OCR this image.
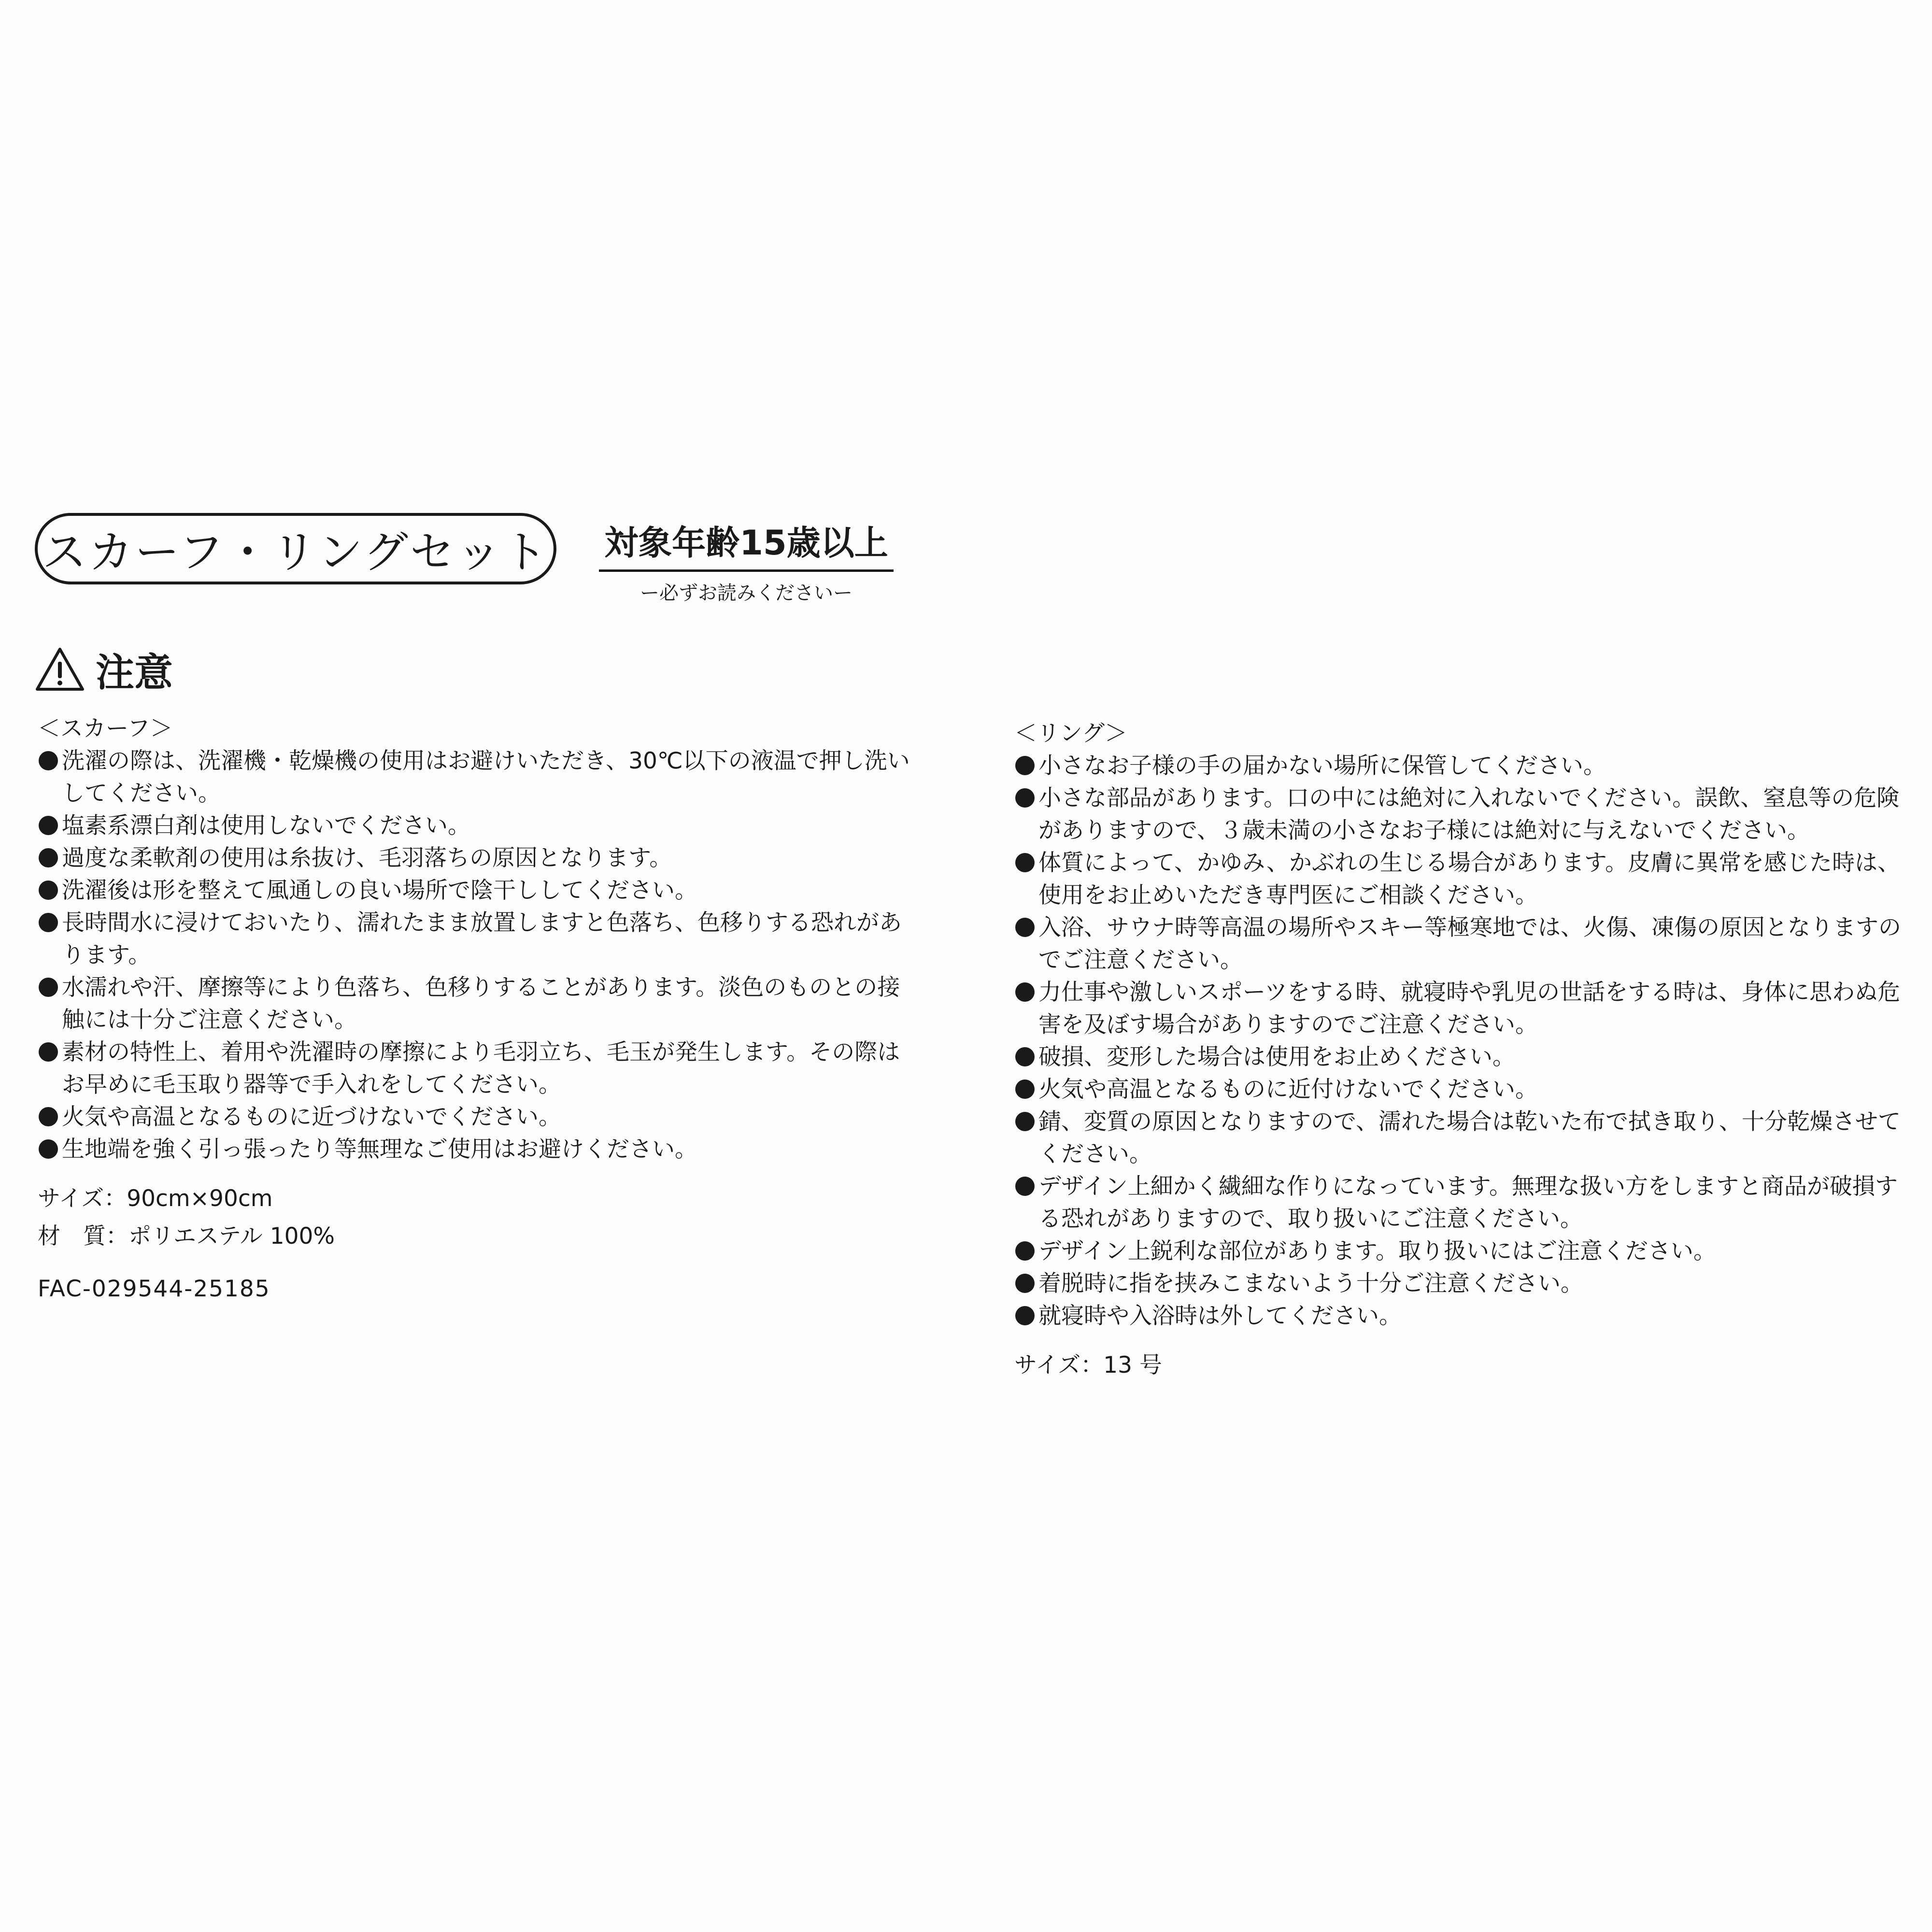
スカーフ・リングセット 対象年齢15歳以上
ー必ずお読みくださいー
注意
＜スカーフ＞
洗濯の際は、洗濯機・乾燥機の使用はお避けいただき、30℃以下の液温で押し洗いしてください。
塩素系漂白剤は使用しないでください。
過度な柔軟剤の使用は糸抜け、毛羽落ちの原因となります。
洗濯後は形を整えて風通しの良い場所で陰干ししてください。
長時間水に浸けておいたり、濡れたまま放置しますと色落ち、色移りする恐れがあります。
水濡れや汗、摩擦等により色落ち、色移りすることがあります。淡色のものとの接触には十分ご注意ください。
素材の特性上、着用や洗濯時の摩擦により毛羽立ち、毛玉が発生します。その際はお早めに毛玉取り器等で手入れをしてください。
火気や高温となるものに近づけないでください。
生地端を強く引っ張ったり等無理なご使用はお避けください。
サイズ：90cm×90cm
材　質：ポリエステル 100%
FAC-029544-25185
＜リング＞
小さなお子様の手の届かない場所に保管してください。
小さな部品があります。口の中には絶対に入れないでください。誤飲、窒息等の危険がありますので、３歳未満の小さなお子様には絶対に与えないでください。
体質によって、かゆみ、かぶれの生じる場合があります。皮膚に異常を感じた時は、使用をお止めいただき専門医にご相談ください。
入浴、サウナ時等高温の場所やスキー等極寒地では、火傷、凍傷の原因となりますのでご注意ください。
力仕事や激しいスポーツをする時、就寝時や乳児の世話をする時は、身体に思わぬ危害を及ぼす場合がありますのでご注意ください。
破損、変形した場合は使用をお止めください。
火気や高温となるものに近付けないでください。
錆、変質の原因となりますので、濡れた場合は乾いた布で拭き取り、十分乾燥させてください。
デザイン上細かく繊細な作りになっています。無理な扱い方をしますと商品が破損する恐れがありますので、取り扱いにご注意ください。
デザイン上鋭利な部位があります。取り扱いにはご注意ください。
着脱時に指を挟みこまないよう十分ご注意ください。
就寝時や入浴時は外してください。
サイズ：13 号
